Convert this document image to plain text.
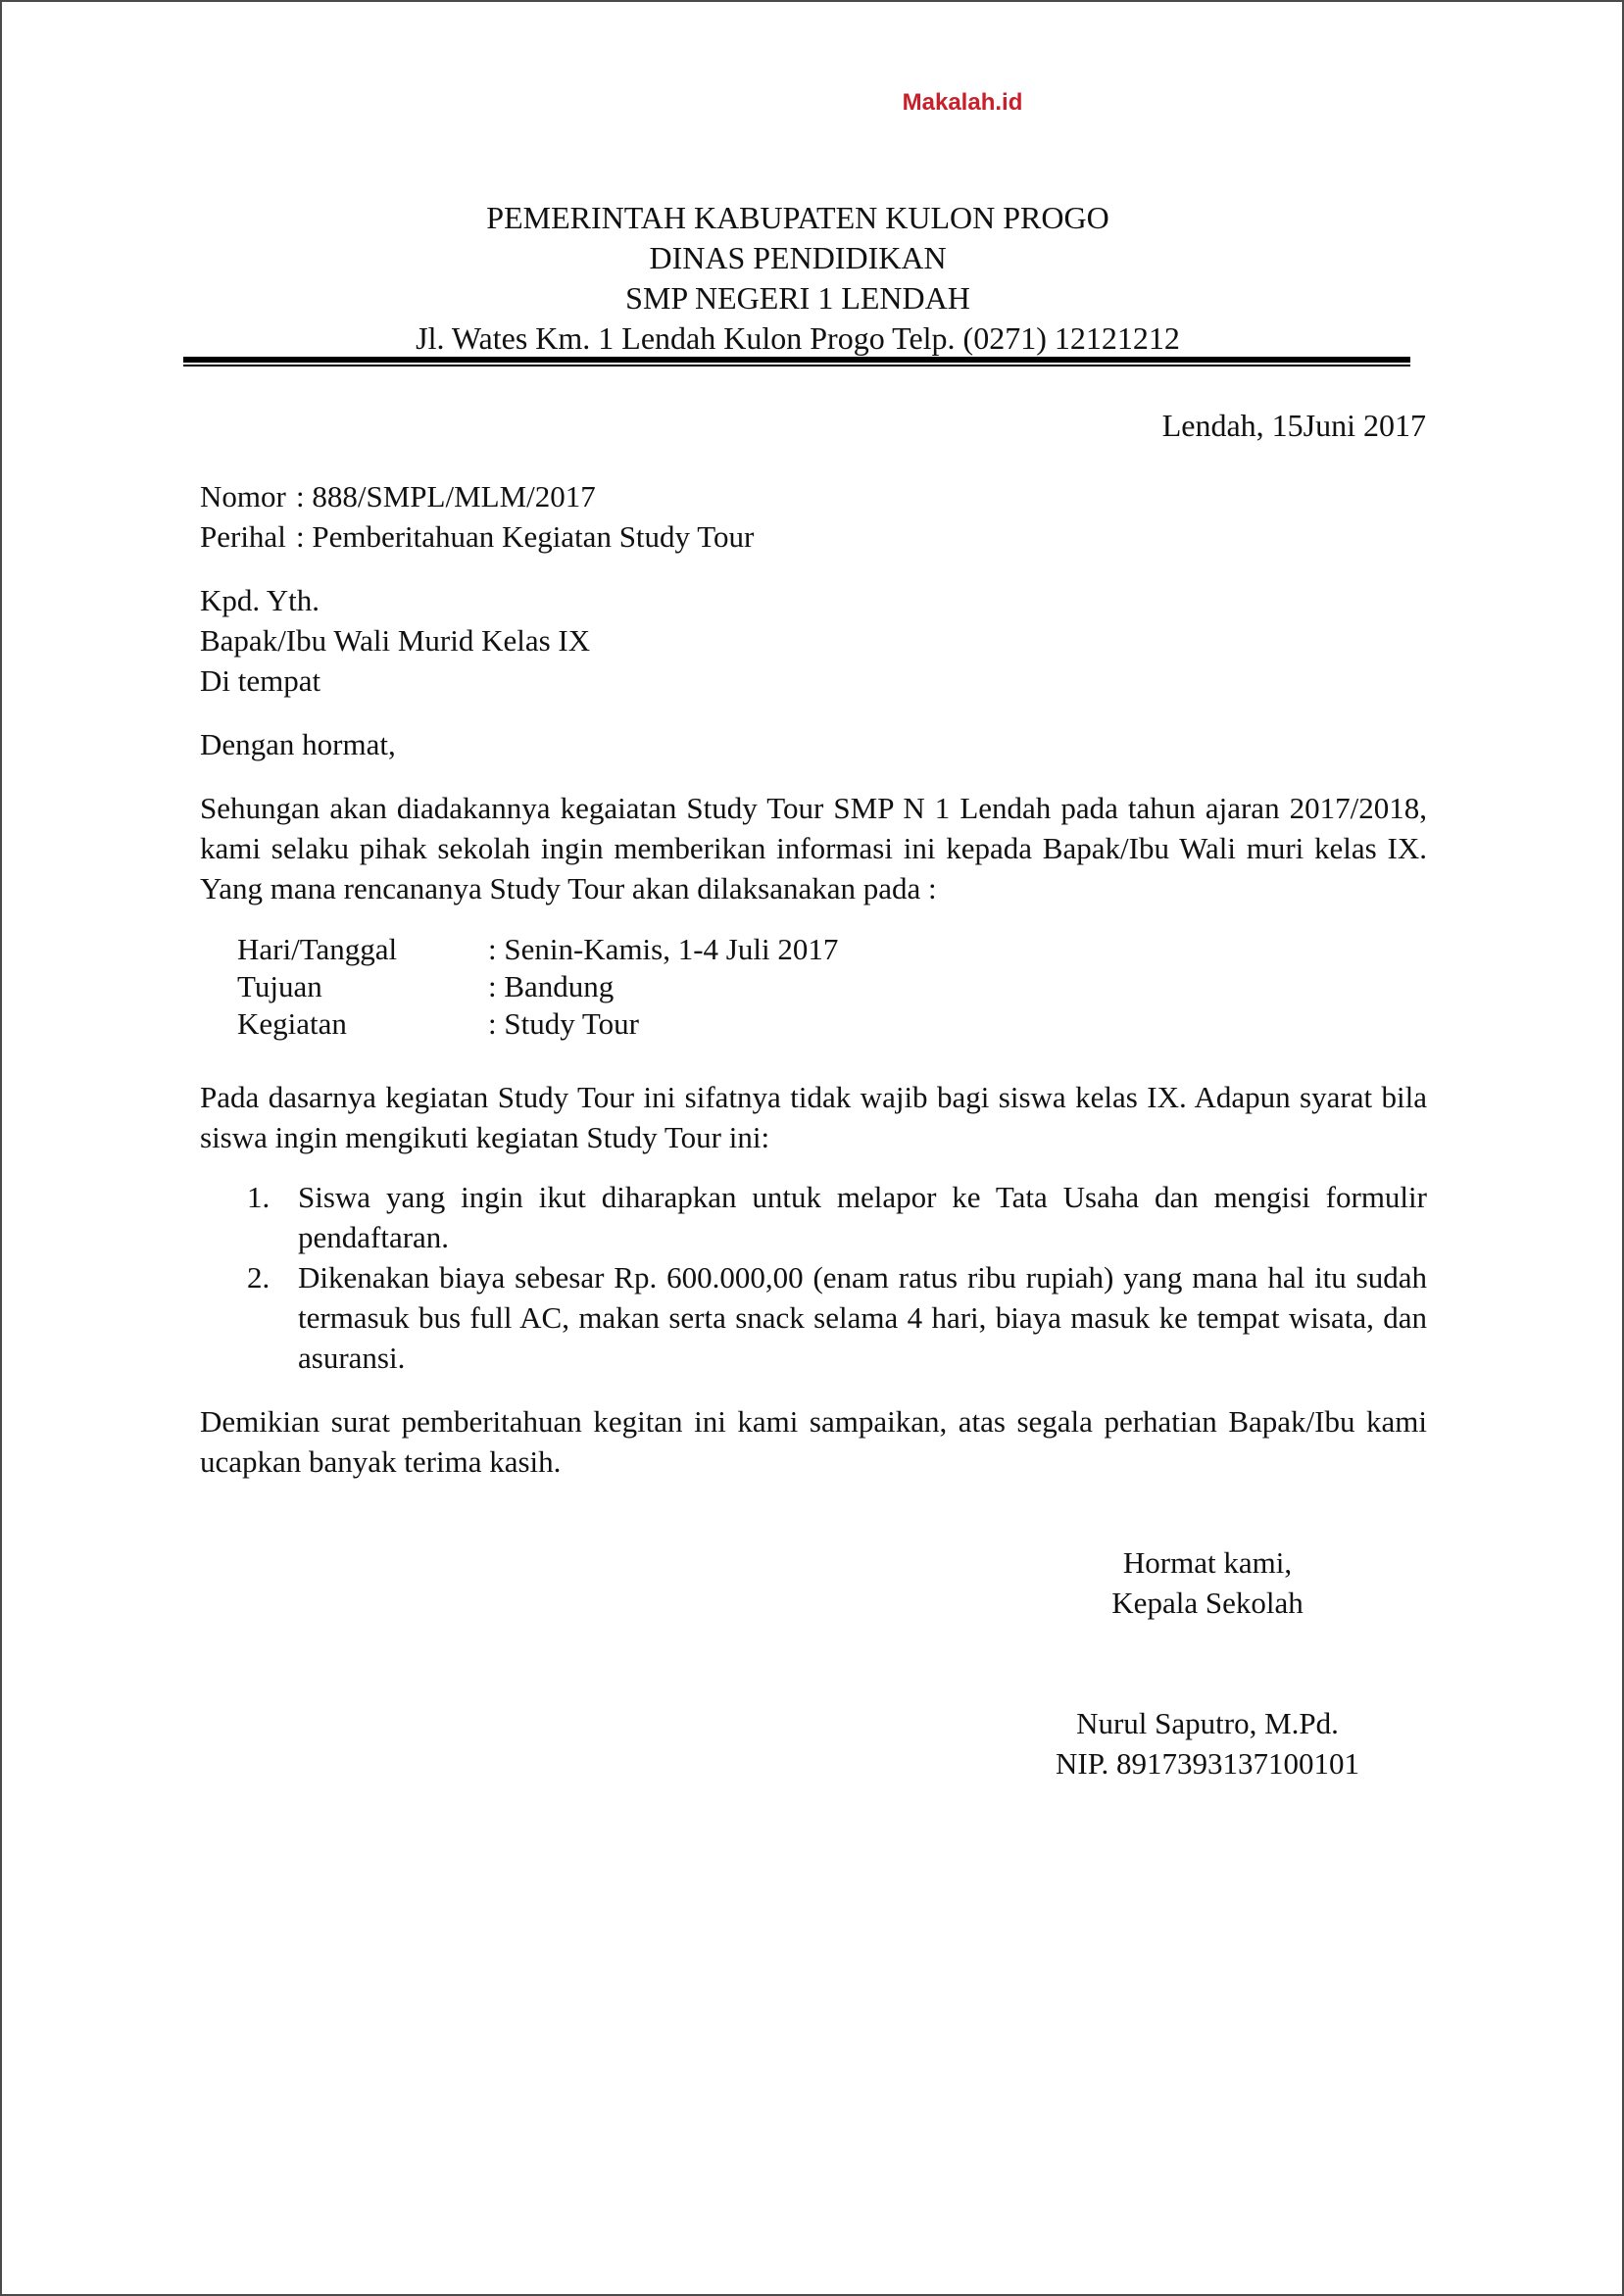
Makalah.id
PEMERINTAH KABUPATEN KULON PROGO
DINAS PENDIDIKAN
SMP NEGERI 1 LENDAH
Jl. Wates Km. 1 Lendah Kulon Progo Telp. (0271) 12121212
Lendah, 15Juni 2017
Nomor : 888/SMPL/MLM/2017
Perihal : Pemberitahuan Kegiatan Study Tour
Kpd. Yth.
Bapak/Ibu Wali Murid Kelas IX
Di tempat
Dengan hormat,
Sehungan akan diadakannya kegaiatan Study Tour SMP N 1 Lendah pada tahun ajaran 2017/2018, kami selaku pihak sekolah ingin memberikan informasi ini kepada Bapak/Ibu Wali muri kelas IX. Yang mana rencananya Study Tour akan dilaksanakan pada :
Hari/Tanggal	: Senin-Kamis, 1-4 Juli 2017
Tujuan	: Bandung
Kegiatan	: Study Tour
Pada dasarnya kegiatan Study Tour ini sifatnya tidak wajib bagi siswa kelas IX. Adapun syarat bila siswa ingin mengikuti kegiatan Study Tour ini:
1. Siswa yang ingin ikut diharapkan untuk melapor ke Tata Usaha dan mengisi formulir pendaftaran.
2. Dikenakan biaya sebesar Rp. 600.000,00 (enam ratus ribu rupiah) yang mana hal itu sudah termasuk bus full AC, makan serta snack selama 4 hari, biaya masuk ke tempat wisata, dan asuransi.
Demikian surat pemberitahuan kegitan ini kami sampaikan, atas segala perhatian Bapak/Ibu kami ucapkan banyak terima kasih.
Hormat kami,
Kepala Sekolah
Nurul Saputro, M.Pd.
NIP. 8917393137100101
